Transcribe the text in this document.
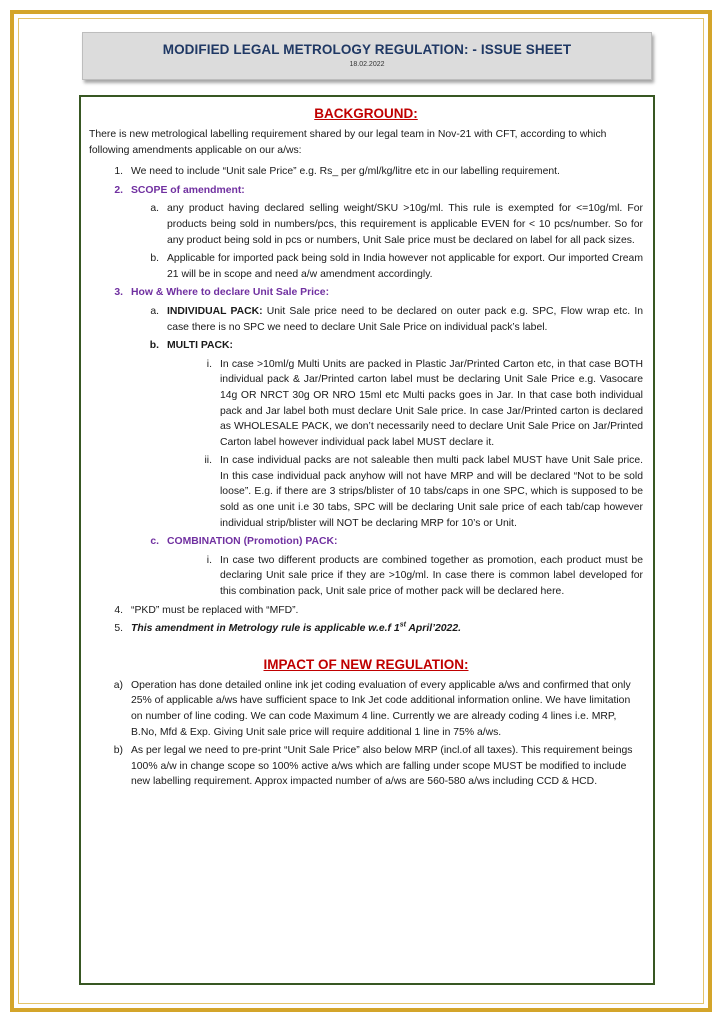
MODIFIED LEGAL METROLOGY REGULATION: - ISSUE SHEET
18.02.2022
BACKGROUND:

There is new metrological labelling requirement shared by our legal team in Nov-21 with CFT, according to which following amendments applicable on our a/ws:

1. We need to include “Unit sale Price” e.g. Rs_ per g/ml/kg/litre etc in our labelling requirement.
2. SCOPE of amendment:
a. any product having declared selling weight/SKU >10g/ml. This rule is exempted for <=10g/ml. For products being sold in numbers/pcs, this requirement is applicable EVEN for < 10 pcs/number. So for any product being sold in pcs or numbers, Unit Sale price must be declared on label for all pack sizes.
b. Applicable for imported pack being sold in India however not applicable for export. Our imported Cream 21 will be in scope and need a/w amendment accordingly.
3. How & Where to declare Unit Sale Price:
a. INDIVIDUAL PACK: Unit Sale price need to be declared on outer pack e.g. SPC, Flow wrap etc. In case there is no SPC we need to declare Unit Sale Price on individual pack’s label.
b. MULTI PACK:
i. In case >10ml/g Multi Units are packed in Plastic Jar/Printed Carton etc, in that case BOTH individual pack & Jar/Printed carton label must be declaring Unit Sale Price e.g. Vasocare 14g OR NRCT 30g OR NRO 15ml etc Multi packs goes in Jar. In that case both individual pack and Jar label both must declare Unit Sale price. In case Jar/Printed carton is declared as WHOLESALE PACK, we don’t necessarily need to declare Unit Sale Price on Jar/Printed Carton label however individual pack label MUST declare it.
ii. In case individual packs are not saleable then multi pack label MUST have Unit Sale price. In this case individual pack anyhow will not have MRP and will be declared “Not to be sold loose”. E.g. if there are 3 strips/blister of 10 tabs/caps in one SPC, which is supposed to be sold as one unit i.e 30 tabs, SPC will be declaring Unit sale price of each tab/cap however individual strip/blister will NOT be declaring MRP for 10’s or Unit.
c. COMBINATION (Promotion) PACK:
i. In case two different products are combined together as promotion, each product must be declaring Unit sale price if they are >10g/ml. In case there is common label developed for this combination pack, Unit sale price of mother pack will be declared here.
4. “PKD” must be replaced with “MFD”.
5. This amendment in Metrology rule is applicable w.e.f 1st April’2022.
IMPACT OF NEW REGULATION:
a) Operation has done detailed online ink jet coding evaluation of every applicable a/ws and confirmed that only 25% of applicable a/ws have sufficient space to Ink Jet code additional information online. We have limitation on number of line coding. We can code Maximum 4 line. Currently we are already coding 4 lines i.e. MRP, B.No, Mfd & Exp. Giving Unit sale price will require additional 1 line in 75% a/ws.
b) As per legal we need to pre-print “Unit Sale Price” also below MRP (incl.of all taxes). This requirement beings 100% a/w in change scope so 100% active a/ws which are falling under scope MUST be modified to include new labelling requirement. Approx impacted number of a/ws are 560-580 a/ws including CCD & HCD.
